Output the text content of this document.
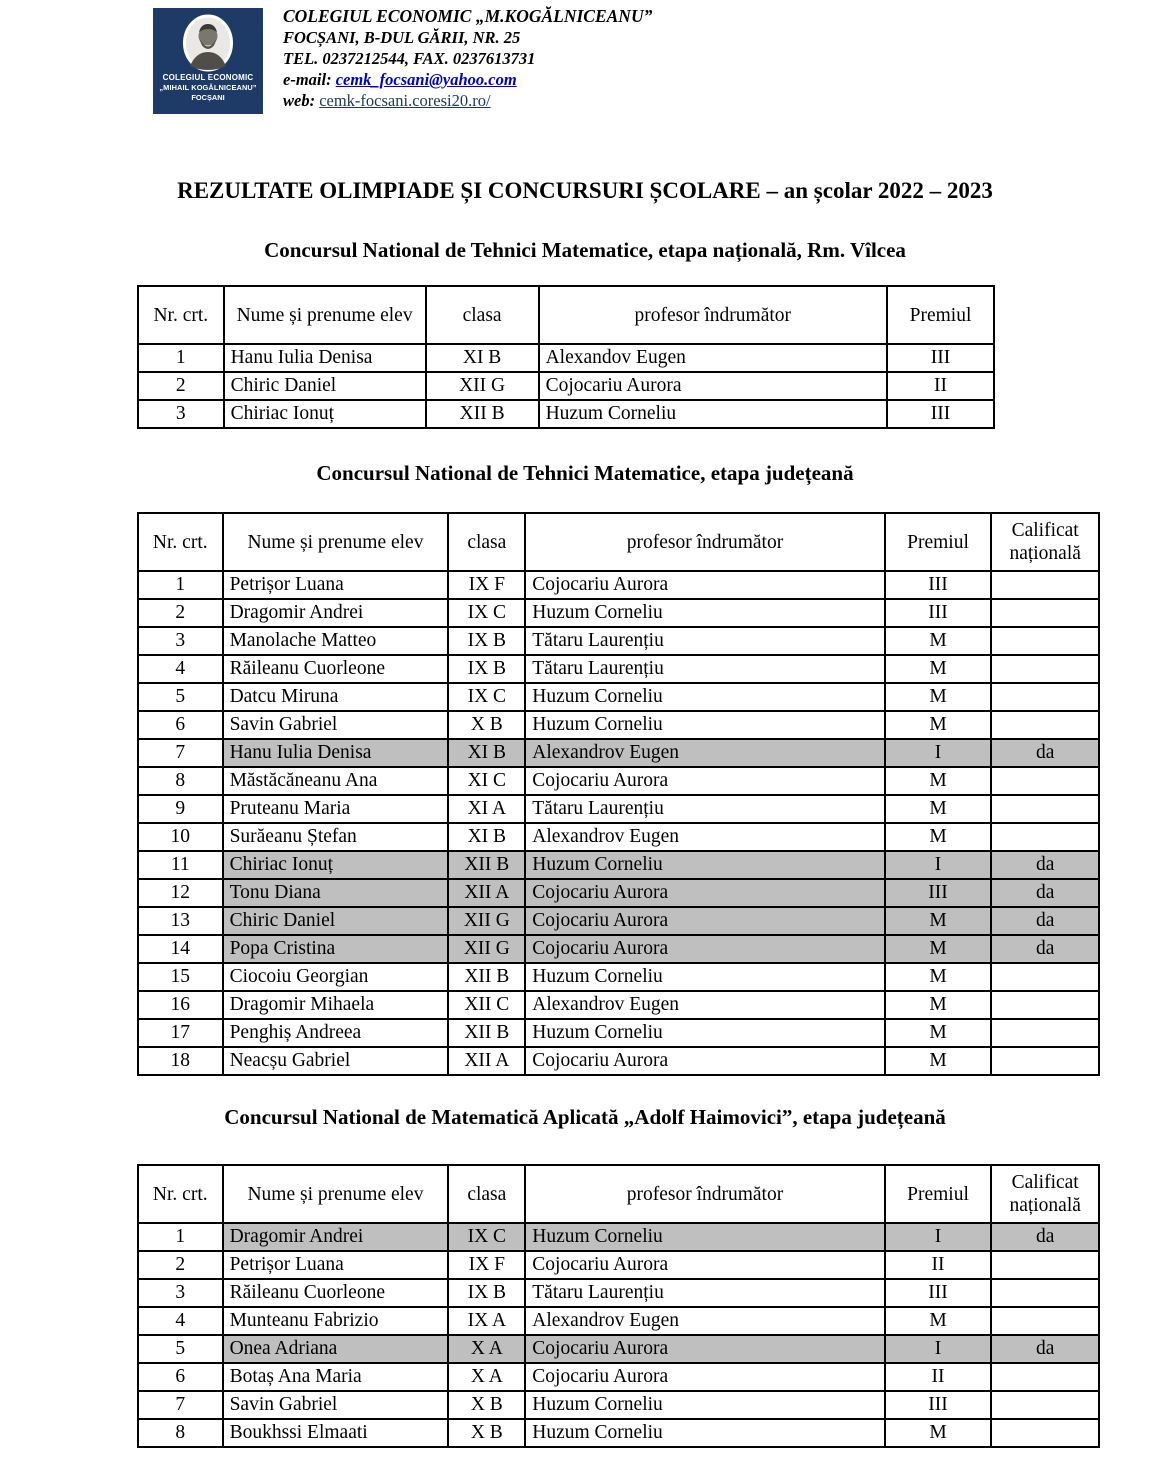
COLEGIUL ECONOMIC
„MIHAIL KOGĂLNICEANU”
FOCȘANI
COLEGIUL ECONOMIC „M.KOGĂLNICEANU”
FOCȘANI, B-DUL GĂRII, NR. 25
TEL. 0237212544, FAX. 0237613731
e-mail: cemk_focsani@yahoo.com
web: cemk-focsani.coresi20.ro/
REZULTATE OLIMPIADE ȘI CONCURSURI ȘCOLARE – an școlar 2022 – 2023
Concursul National de Tehnici Matematice, etapa națională, Rm. Vîlcea
Nr. crt.	Nume și prenume elev	clasa	profesor îndrumător	Premiul
1	Hanu Iulia Denisa	XI B	Alexandov Eugen	III
2	Chiric Daniel	XII G	Cojocariu Aurora	II
3	Chiriac Ionuț	XII B	Huzum Corneliu	III
Concursul National de Tehnici Matematice, etapa județeană
Nr. crt.	Nume și prenume elev	clasa	profesor îndrumător	Premiul	Calificat națională
1	Petrișor Luana	IX F	Cojocariu Aurora	III	
2	Dragomir Andrei	IX C	Huzum Corneliu	III	
3	Manolache Matteo	IX B	Tătaru Laurențiu	M	
4	Răileanu Cuorleone	IX B	Tătaru Laurențiu	M	
5	Datcu Miruna	IX C	Huzum Corneliu	M	
6	Savin Gabriel	X B	Huzum Corneliu	M	
7	Hanu Iulia Denisa	XI B	Alexandrov Eugen	I	da
8	Măstăcăneanu Ana	XI C	Cojocariu Aurora	M	
9	Pruteanu Maria	XI A	Tătaru Laurențiu	M	
10	Surăeanu Ștefan	XI B	Alexandrov Eugen	M	
11	Chiriac Ionuț	XII B	Huzum Corneliu	I	da
12	Tonu Diana	XII A	Cojocariu Aurora	III	da
13	Chiric Daniel	XII G	Cojocariu Aurora	M	da
14	Popa Cristina	XII G	Cojocariu Aurora	M	da
15	Ciocoiu Georgian	XII B	Huzum Corneliu	M	
16	Dragomir Mihaela	XII C	Alexandrov Eugen	M	
17	Penghiș Andreea	XII B	Huzum Corneliu	M	
18	Neacșu Gabriel	XII A	Cojocariu Aurora	M	
Concursul National de Matematică Aplicată „Adolf Haimovici”, etapa județeană
Nr. crt.	Nume și prenume elev	clasa	profesor îndrumător	Premiul	Calificat națională
1	Dragomir Andrei	IX C	Huzum Corneliu	I	da
2	Petrișor Luana	IX F	Cojocariu Aurora	II	
3	Răileanu Cuorleone	IX B	Tătaru Laurențiu	III	
4	Munteanu Fabrizio	IX A	Alexandrov Eugen	M	
5	Onea Adriana	X A	Cojocariu Aurora	I	da
6	Botaș Ana Maria	X A	Cojocariu Aurora	II	
7	Savin Gabriel	X B	Huzum Corneliu	III	
8	Boukhssi Elmaati	X B	Huzum Corneliu	M	
